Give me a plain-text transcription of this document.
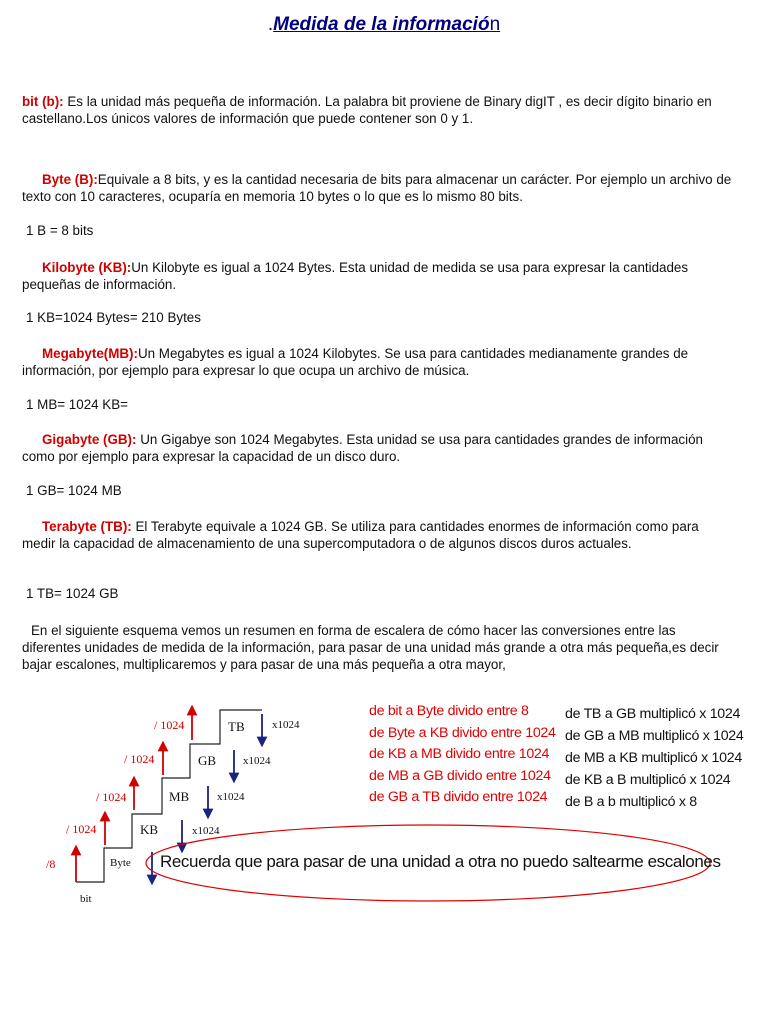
.Medida de la información
bit (b): Es la unidad más pequeña de información. La palabra bit proviene de Binary digIT , es decir dígito binario en castellano.Los únicos valores de información que puede contener son 0 y 1.
Byte (B):Equivale a 8 bits, y es la cantidad necesaria de bits para almacenar un carácter. Por ejemplo un archivo de texto con 10 caracteres, ocuparía en memoria 10 bytes o lo que es lo mismo 80 bits.
1 B = 8 bits
Kilobyte (KB):Un Kilobyte es igual a 1024 Bytes. Esta unidad de medida se usa para expresar la cantidades pequeñas de información.
1 KB=1024 Bytes= 210 Bytes
Megabyte(MB):Un Megabytes es igual a 1024 Kilobytes. Se usa para cantidades medianamente grandes de información, por ejemplo para expresar lo que ocupa un archivo de música.
1 MB= 1024 KB=
Gigabyte (GB): Un Gigabye son 1024 Megabytes. Esta unidad se usa para cantidades grandes de información como por ejemplo para expresar la capacidad de un disco duro.
1 GB= 1024 MB
Terabyte (TB): El Terabyte equivale a 1024 GB. Se utiliza para cantidades enormes de información como para medir la capacidad de almacenamiento de una supercomputadora o de algunos discos duros actuales.
1 TB= 1024 GB
En el siguiente esquema vemos un resumen en forma de escalera de cómo hacer las conversiones entre las diferentes unidades de medida de la información, para pasar de una unidad más grande a otra más pequeña,es decir bajar escalones, multiplicaremos y para pasar de una más pequeña a otra mayor,
/8
/ 1024
/ 1024
/ 1024
/ 1024
bit
Byte
KB
MB
GB
TB x1024
x1024
x1024
x1024
de bit a Byte divido entre 8
de Byte a KB divido entre 1024
de KB a MB divido entre 1024
de MB a GB divido entre 1024
de GB a TB divido entre 1024
de TB a GB multiplicó x 1024
de GB a MB multiplicó x 1024
de MB a KB multiplicó x 1024
de KB a B multiplicó x 1024
de B a b multiplicó x 8
Recuerda que para pasar de una unidad a otra no puedo saltearme escalones
